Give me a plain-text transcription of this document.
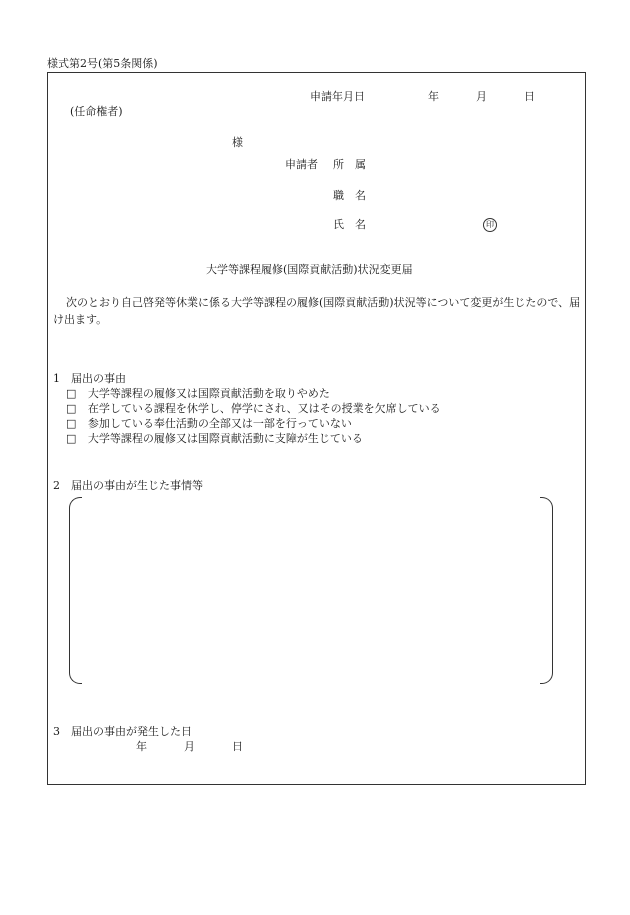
様式第2号(第5条関係)
申請年月日	年	月	日
(任命権者)
様
申請者 所　属
職　名
氏　名	印
大学等課程履修(国際貢献活動)状況変更届
次のとおり自己啓発等休業に係る大学等課程の履修(国際貢献活動)状況等について変更が生じたので、届け出ます。
1　届出の事由
□ 大学等課程の履修又は国際貢献活動を取りやめた
□ 在学している課程を休学し、停学にされ、又はその授業を欠席している
□ 参加している奉仕活動の全部又は一部を行っていない
□ 大学等課程の履修又は国際貢献活動に支障が生じている
2　届出の事由が生じた事情等
3　届出の事由が発生した日
年	月	日
